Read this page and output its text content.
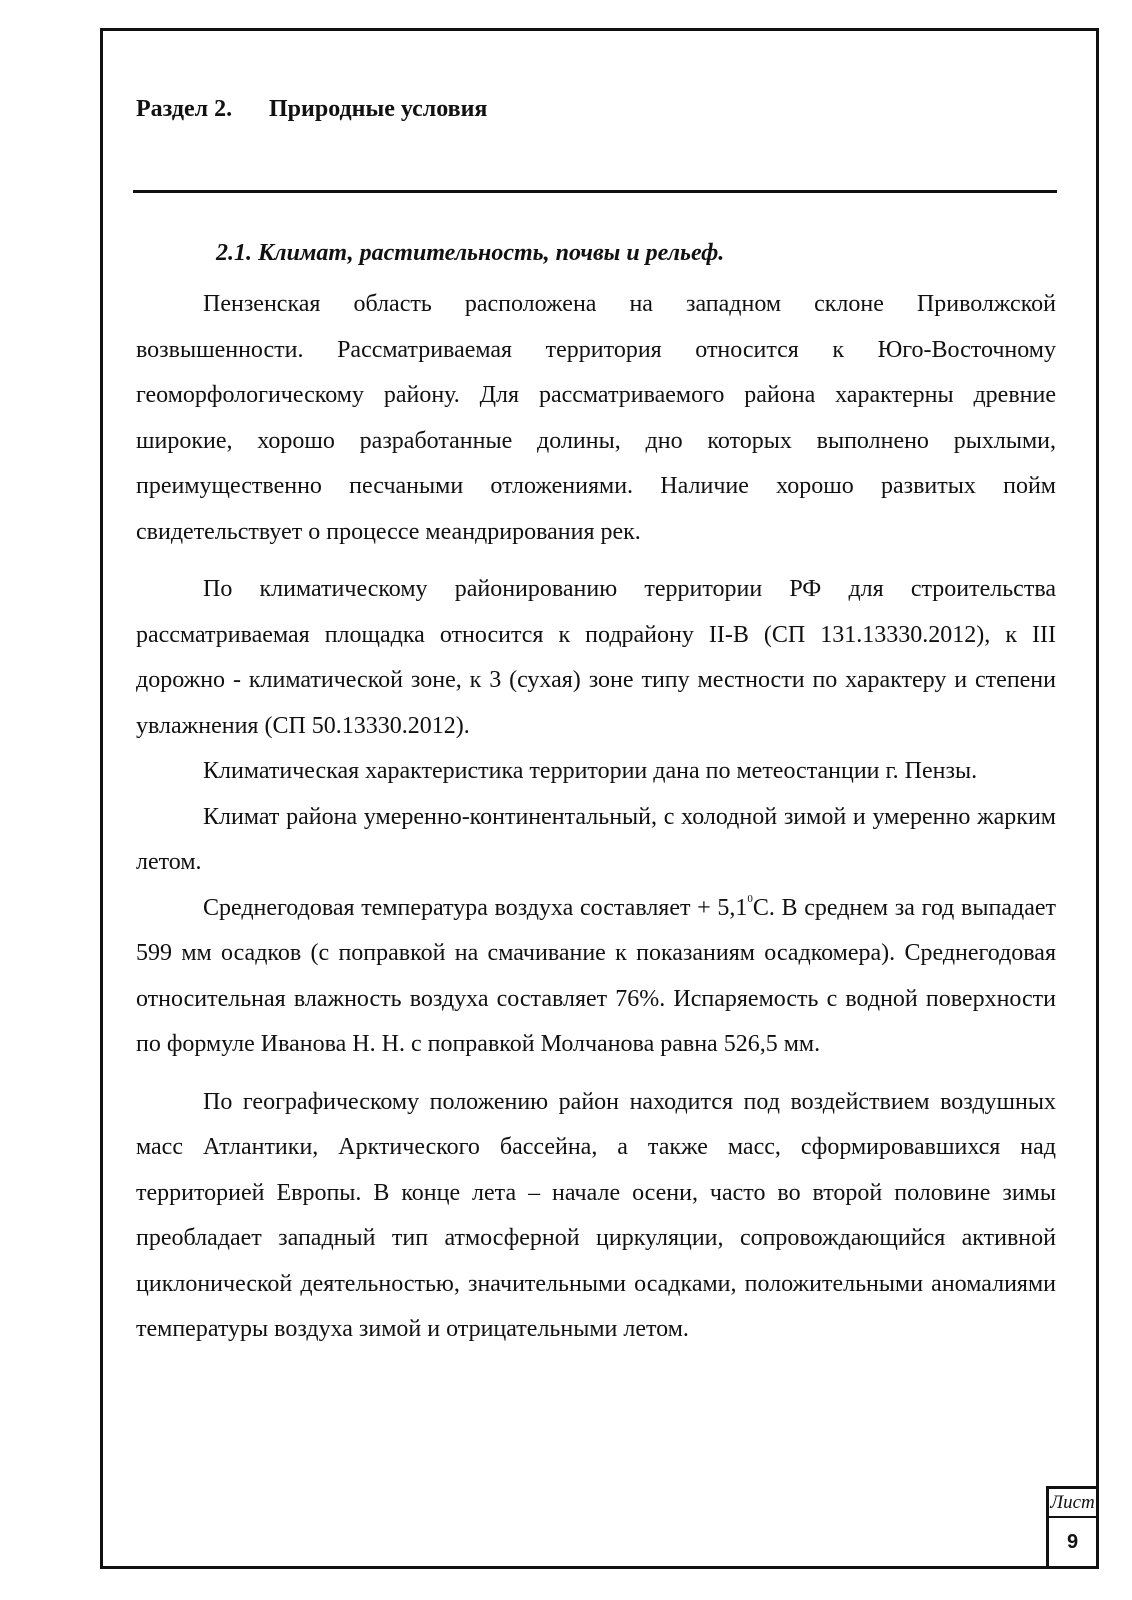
Раздел 2. Природные условия
2.1. Климат, растительность, почвы и рельеф.

Пензенская область расположена на западном склоне Приволжской возвышенности. Рассматриваемая территория относится к Юго-Восточному геоморфологическому району. Для рассматриваемого района характерны древние широкие, хорошо разработанные долины, дно которых выполнено рыхлыми, преимущественно песчаными отложениями. Наличие хорошо развитых пойм свидетельствует о процессе меандрирования рек.

По климатическому районированию территории РФ для строительства рассматриваемая площадка относится к подрайону II-В (СП 131.13330.2012), к III дорожно - климатической зоне, к 3 (сухая) зоне типу местности по характеру и степени увлажнения (СП 50.13330.2012).

Климатическая характеристика территории дана по метеостанции г. Пензы.

Климат района умеренно-континентальный, с холодной зимой и умеренно жарким летом.

Среднегодовая температура воздуха составляет + $5,1^0С$. В среднем за год выпадает 599 мм осадков (с поправкой на смачивание к показаниям осадкомера). Среднегодовая относительная влажность воздуха составляет 76%. Испаряемость с водной поверхности по формуле Иванова Н. Н. с поправкой Молчанова равна 526,5 мм.

По географическому положению район находится под воздействием воздушных масс Атлантики, Арктического бассейна, а также масс, сформировавшихся над территорией Европы. В конце лета – начале осени, часто во второй половине зимы преобладает западный тип атмосферной циркуляции, сопровождающийся активной циклонической деятельностью, значительными осадками, положительными аномалиями температуры воздуха зимой и отрицательными летом.

Лист
9
